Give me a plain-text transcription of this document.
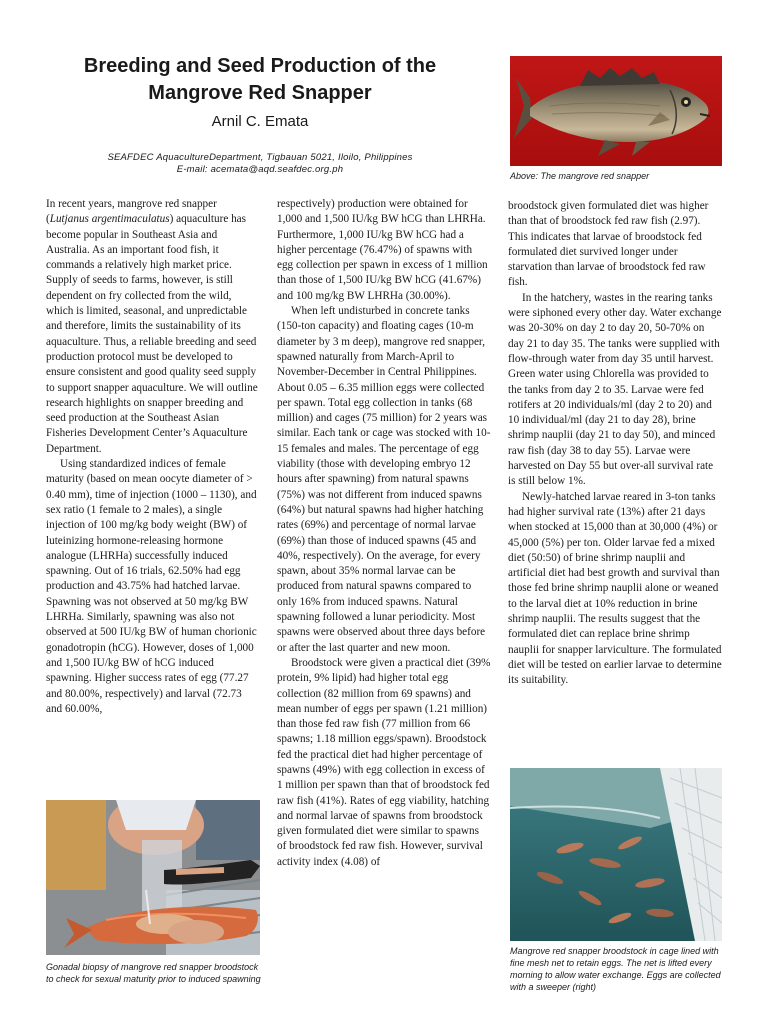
Breeding and Seed Production of the Mangrove Red Snapper
Arnil C. Emata
SEAFDEC AquacultureDepartment, Tigbauan 5021, Iloilo, Philippines
E-mail: acemata@aqd.seafdec.org.ph
Above: The mangrove red snapper

In recent years, mangrove red snapper (Lutjanus argentimaculatus) aquaculture has become popular in Southeast Asia and Australia. As an important food fish, it commands a relatively high market price. Supply of seeds to farms, however, is still dependent on fry collected from the wild, which is limited, seasonal, and unpredictable and therefore, limits the sustainability of its aquaculture. Thus, a reliable breeding and seed production protocol must be developed to ensure consistent and good quality seed supply to support snapper aquaculture. We will outline research highlights on snapper breeding and seed production at the Southeast Asian Fisheries Development Center’s Aquaculture Department.

Using standardized indices of female maturity (based on mean oocyte diameter of > 0.40 mm), time of injection (1000 – 1130), and sex ratio (1 female to 2 males), a single injection of 100 mg/kg body weight (BW) of luteinizing hormone-releasing hormone analogue (LHRHa) successfully induced spawning. Out of 16 trials, 62.50% had egg production and 43.75% had hatched larvae. Spawning was not observed at 50 mg/kg BW LHRHa. Similarly, spawning was also not observed at 500 IU/kg BW of human chorionic gonadotropin (hCG). However, doses of 1,000 and 1,500 IU/kg BW of hCG induced spawning. Higher success rates of egg (77.27 and 80.00%, respectively) and larval (72.73 and 60.00%,

Gonadal biopsy of mangrove red snapper broodstock to check for sexual maturity prior to induced spawning

respectively) production were obtained for 1,000 and 1,500 IU/kg BW hCG than LHRHa. Furthermore, 1,000 IU/kg BW hCG had a higher percentage (76.47%) of spawns with egg collection per spawn in excess of 1 million than those of 1,500 IU/kg BW hCG (41.67%) and 100 mg/kg BW LHRHa (30.00%).

When left undisturbed in concrete tanks (150-ton capacity) and floating cages (10-m diameter by 3 m deep), mangrove red snapper, spawned naturally from March-April to November-December in Central Philippines. About 0.05 – 6.35 million eggs were collected per spawn. Total egg collection in tanks (68 million) and cages (75 million) for 2 years was similar. Each tank or cage was stocked with 10-15 females and males. The percentage of egg viability (those with developing embryo 12 hours after spawning) from natural spawns (75%) was not different from induced spawns (64%) but natural spawns had higher hatching rates (69%) and percentage of normal larvae (69%) than those of induced spawns (45 and 40%, respectively). On the average, for every spawn, about 35% normal larvae can be produced from natural spawns compared to only 16% from induced spawns. Natural spawning followed a lunar periodicity. Most spawns were observed about three days before or after the last quarter and new moon.

Broodstock were given a practical diet (39% protein, 9% lipid) had higher total egg collection (82 million from 69 spawns) and mean number of eggs per spawn (1.21 million) than those fed raw fish (77 million from 66 spawns; 1.18 million eggs/spawn). Broodstock fed the practical diet had higher percentage of spawns (49%) with egg collection in excess of 1 million per spawn than that of broodstock fed raw fish (41%). Rates of egg viability, hatching and normal larvae of spawns from broodstock given formulated diet were similar to spawns of broodstock fed raw fish. However, survival activity index (4.08) of

broodstock given formulated diet was higher than that of broodstock fed raw fish (2.97). This indicates that larvae of broodstock fed formulated diet survived longer under starvation than larvae of broodstock fed raw fish.

In the hatchery, wastes in the rearing tanks were siphoned every other day. Water exchange was 20-30% on day 2 to day 20, 50-70% on day 21 to day 35. The tanks were supplied with flow-through water from day 35 until harvest. Green water using Chlorella was provided to the tanks from day 2 to 35. Larvae were fed rotifers at 20 individuals/ml (day 2 to 20) and 10 individual/ml (day 21 to day 28), brine shrimp nauplii (day 21 to day 50), and minced raw fish (day 38 to day 55). Larvae were harvested on Day 55 but over-all survival rate is still below 1%.

Newly-hatched larvae reared in 3-ton tanks had higher survival rate (13%) after 21 days when stocked at 15,000 than at 30,000 (4%) or 45,000 (5%) per ton. Older larvae fed a mixed diet (50:50) of brine shrimp nauplii and artificial diet had best growth and survival than those fed brine shrimp nauplii alone or weaned to the larval diet at 10% reduction in brine shrimp nauplii. The results suggest that the formulated diet can replace brine shrimp nauplii for snapper larviculture. The formulated diet will be tested on earlier larvae to determine its suitability.

Mangrove red snapper broodstock in cage lined with fine mesh net to retain eggs. The net is lifted every morning to allow water exchange. Eggs are collected with a sweeper (right)
